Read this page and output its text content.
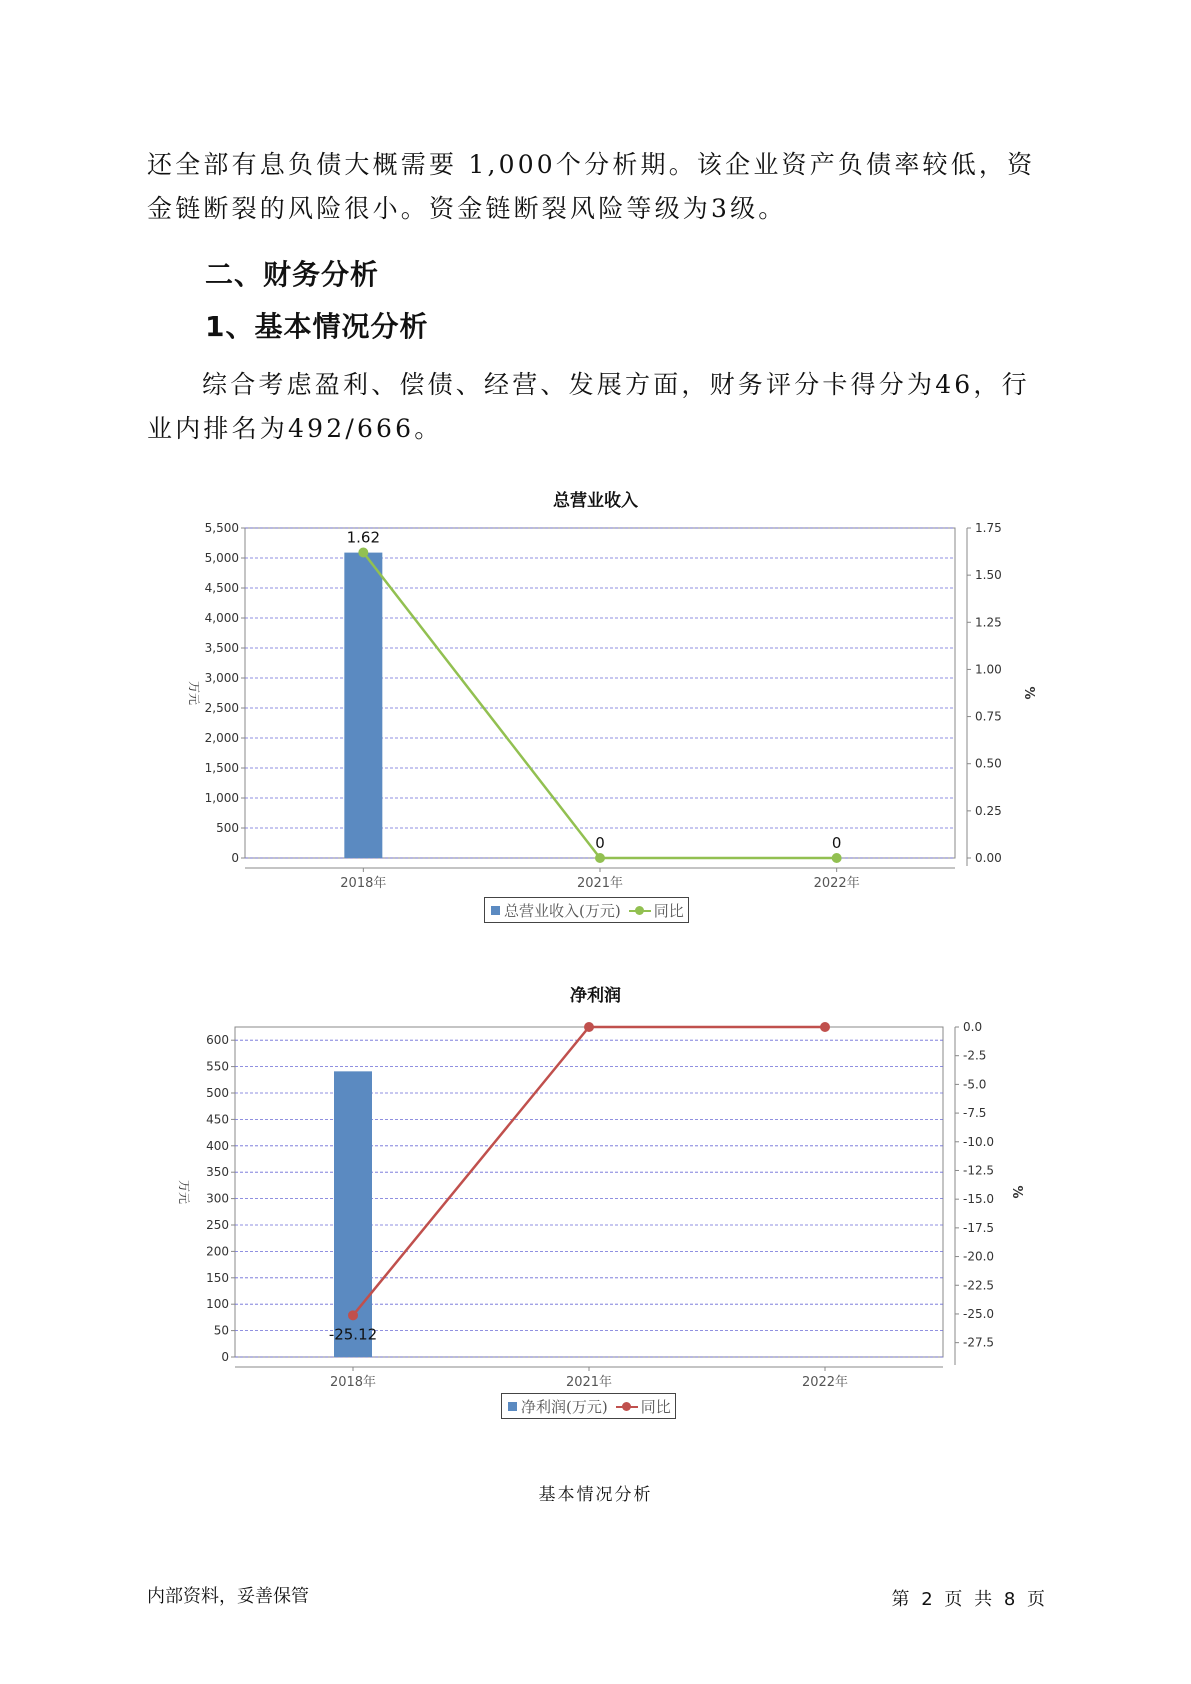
还全部有息负债大概需要 1,000个分析期。该企业资产负债率较低，资金链断裂的风险很小。资金链断裂风险等级为3级。

二、财务分析
1、基本情况分析

综合考虑盈利、偿债、经营、发展方面，财务评分卡得分为46，行业内排名为492/666。

总营业收入
0
500
1,000
1,500
2,000
2,500
3,000
3,500
4,000
4,500
5,000
5,500
0.00
0.25
0.50
0.75
1.00
1.25
1.50
1.75
万元	%
2018年	2021年	2022年
1.62
0	0
总营业收入(万元) 同比
净利润
0
50
100
150
200
250
300
350
400
450
500
550
600
0.0
-2.5
-5.0
-7.5
-10.0
-12.5
-15.0
-17.5
-20.0
-22.5
-25.0
-27.5
万元	%
2018年	2021年	2022年
-25.12
净利润(万元) 同比
基本情况分析
内部资料，妥善保管	第 2 页 共 8 页
